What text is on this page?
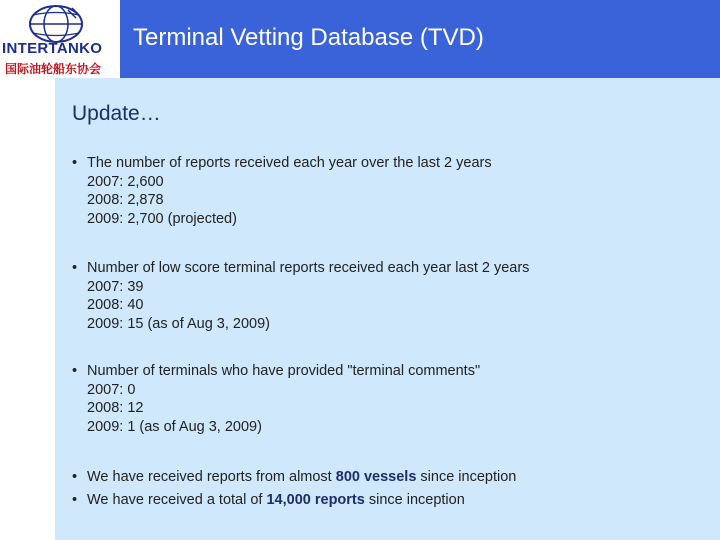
INTERTANKO
国际油轮船东协会
Terminal Vetting Database (TVD)
Update…
• The number of reports received each year over the last 2 years
2007: 2,600
2008: 2,878
2009: 2,700 (projected)
• Number of low score terminal reports received each year last 2 years
2007: 39
2008: 40
2009: 15 (as of Aug 3, 2009)
• Number of terminals who have provided "terminal comments"
2007: 0
2008: 12
2009: 1 (as of Aug 3, 2009)
• We have received reports from almost 800 vessels since inception
• We have received a total of 14,000 reports since inception
